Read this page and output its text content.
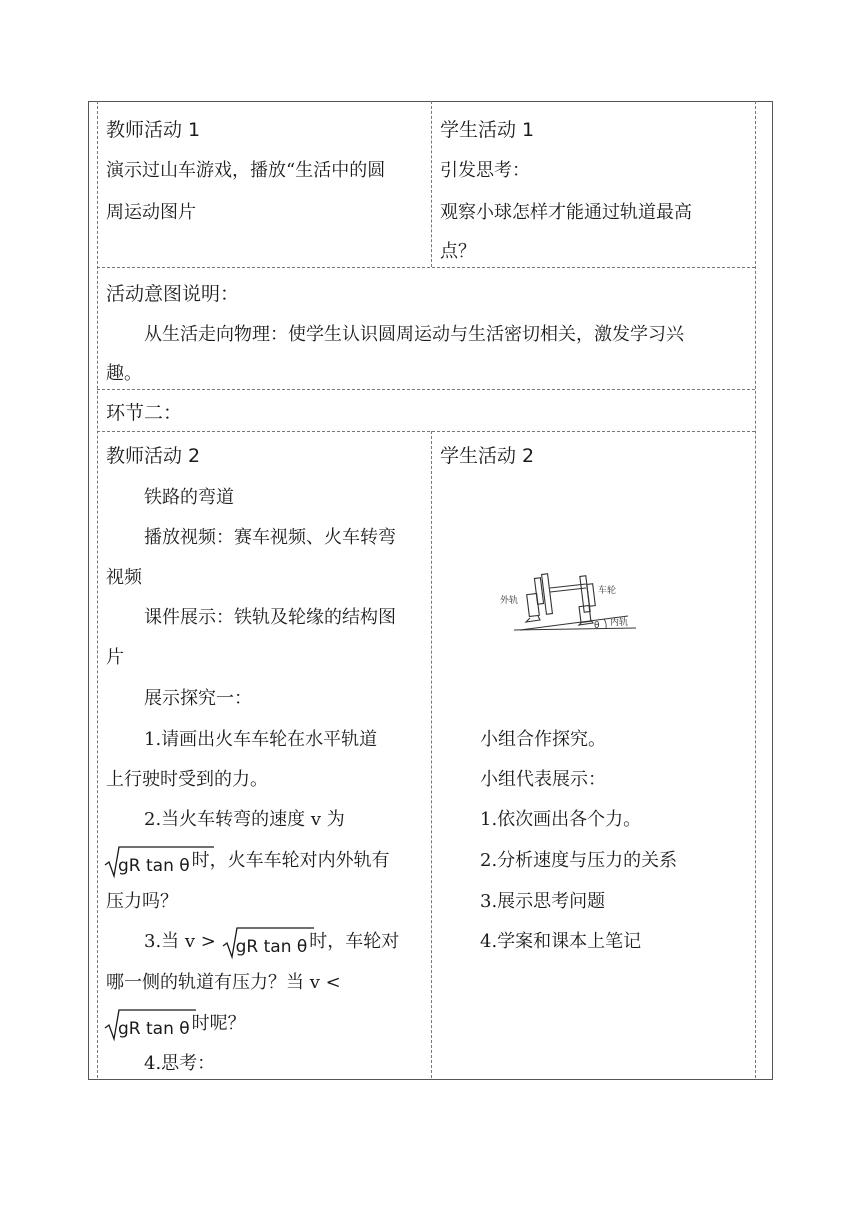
教师活动 1
演示过山车游戏，播放“生活中的圆
周运动图片
学生活动 1
引发思考：
观察小球怎样才能通过轨道最高
点？
活动意图说明：
从生活走向物理：使学生认识圆周运动与生活密切相关，激发学习兴
趣。
环节二：
教师活动 2
铁路的弯道
播放视频：赛车视频、火车转弯
视频
课件展示：铁轨及轮缘的结构图
片
展示探究一：
1.请画出火车车轮在水平轨道
上行驶时受到的力。
2.当火车转弯的速度 v 为
gR tan θ 时，火车车轮对内外轨有
压力吗？
3.当 v > gR tan θ 时，车轮对
哪一侧的轨道有压力？当 v <
gR tan θ 时呢？
4.思考：
学生活动 2
外轨
车轮
内轨
θ
小组合作探究。
小组代表展示：
1.依次画出各个力。
2.分析速度与压力的关系
3.展示思考问题
4.学案和课本上笔记
